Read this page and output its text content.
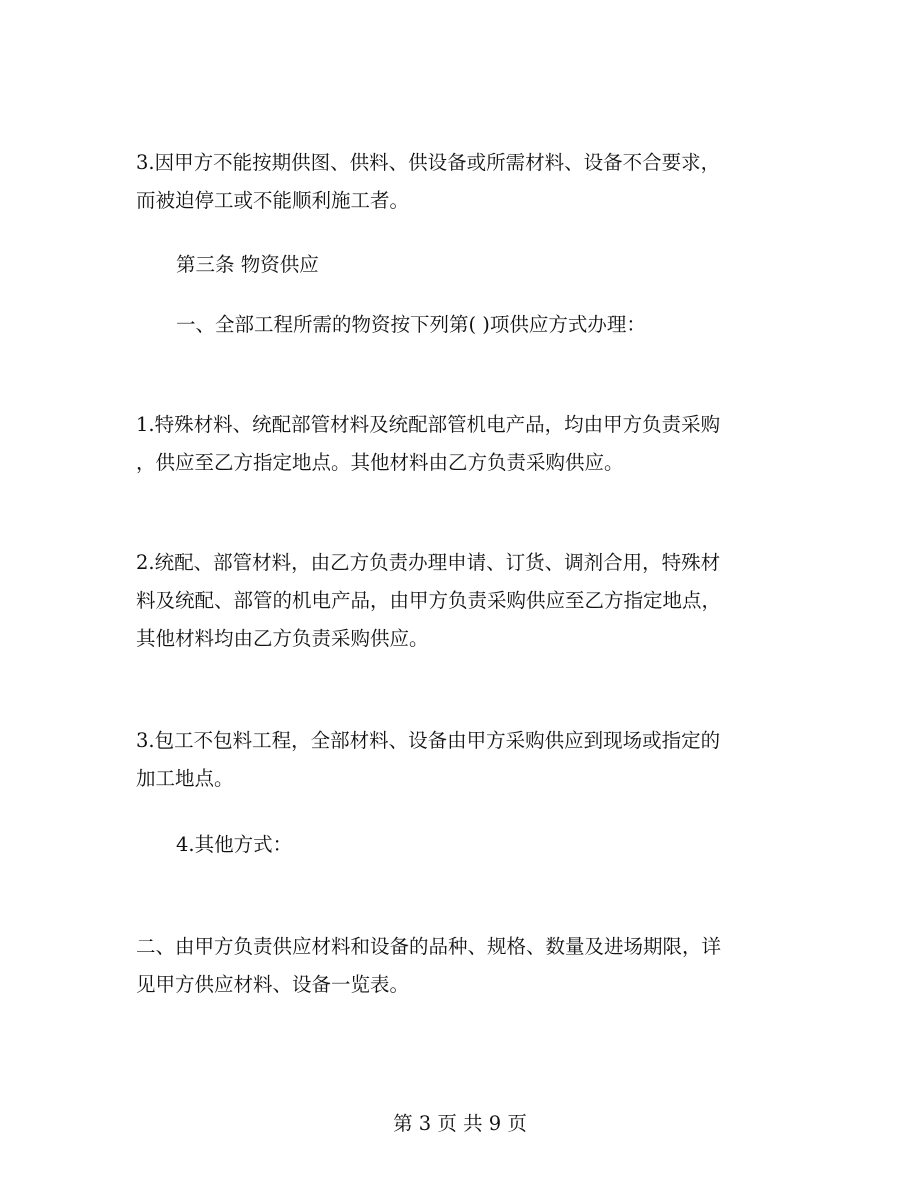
3.因甲方不能按期供图、供料、供设备或所需材料、设备不合要求，
而被迫停工或不能顺利施工者。

第三条 物资供应

一、全部工程所需的物资按下列第( )项供应方式办理：

1.特殊材料、统配部管材料及统配部管机电产品，均由甲方负责采购
，供应至乙方指定地点。其他材料由乙方负责采购供应。

2.统配、部管材料，由乙方负责办理申请、订货、调剂合用，特殊材
料及统配、部管的机电产品，由甲方负责采购供应至乙方指定地点，
其他材料均由乙方负责采购供应。

3.包工不包料工程，全部材料、设备由甲方采购供应到现场或指定的
加工地点。

4.其他方式：

二、由甲方负责供应材料和设备的品种、规格、数量及进场期限，详
见甲方供应材料、设备一览表。

第 3 页 共 9 页
